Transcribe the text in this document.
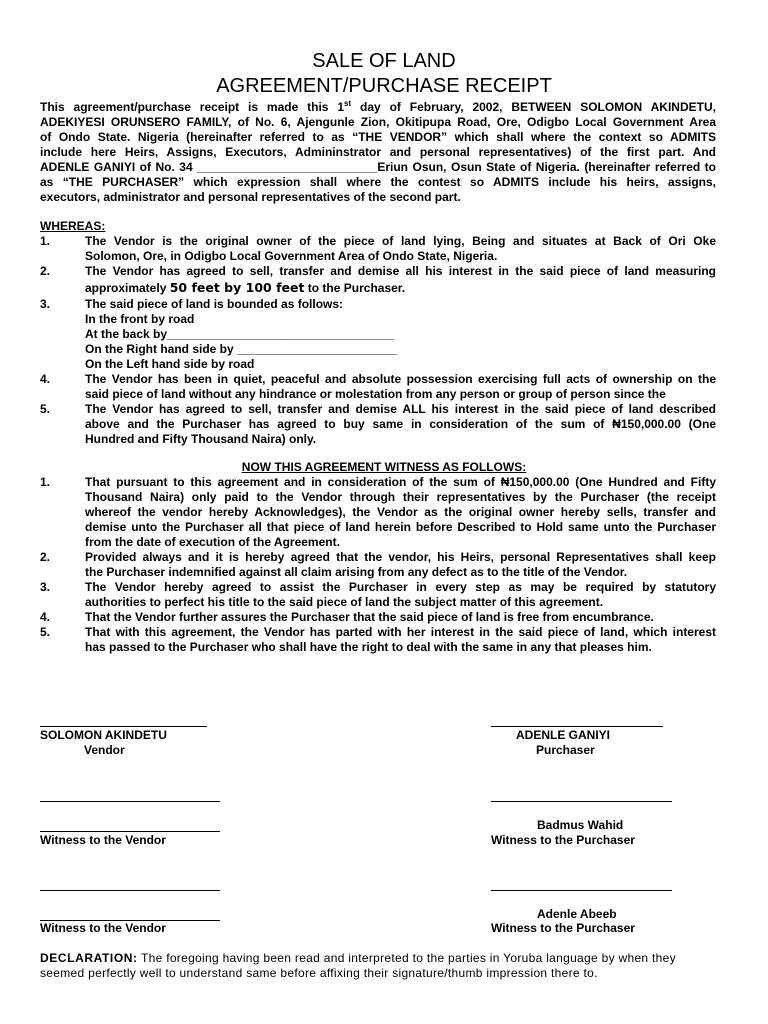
SALE OF LAND
AGREEMENT/PURCHASE RECEIPT
This agreement/purchase receipt is made this 1st day of February, 2002, BETWEEN SOLOMON AKINDETU,
ADEKIYESI ORUNSERO FAMILY, of No. 6, Ajengunle Zion, Okitipupa Road, Ore, Odigbo Local Government Area
of Ondo State. Nigeria (hereinafter referred to as “THE VENDOR” which shall where the context so ADMITS
include here Heirs, Assigns, Executors, Admininstrator and personal representatives) of the first part. And
ADENLE GANIYI of No. 34 ___________________________Eriun Osun, Osun State of Nigeria. (hereinafter referred to
as “THE PURCHASER” which expression shall where the contest so ADMITS include his heirs, assigns,
executors, administrator and personal representatives of the second part.
WHEREAS:
1.	The Vendor is the original owner of the piece of land lying, Being and situates at Back of Ori Oke
Solomon, Ore, in Odigbo Local Government Area of Ondo State, Nigeria.
2.	The Vendor has agreed to sell, transfer and demise all his interest in the said piece of land measuring
approximately 50 feet by 100 feet to the Purchaser.
3.	The said piece of land is bounded as follows:
In the front by road
At the back by__________________________________
On the Right hand side by ________________________
On the Left hand side by road
4.	The Vendor has been in quiet, peaceful and absolute possession exercising full acts of ownership on the
said piece of land without any hindrance or molestation from any person or group of person since the
5.	The Vendor has agreed to sell, transfer and demise ALL his interest in the said piece of land described
above and the Purchaser has agreed to buy same in consideration of the sum of ₦150,000.00 (One
Hundred and Fifty Thousand Naira) only.
NOW THIS AGREEMENT WITNESS AS FOLLOWS:
1.	That pursuant to this agreement and in consideration of the sum of ₦150,000.00 (One Hundred and Fifty
Thousand Naira) only paid to the Vendor through their representatives by the Purchaser (the receipt
whereof the vendor hereby Acknowledges), the Vendor as the original owner hereby sells, transfer and
demise unto the Purchaser all that piece of land herein before Described to Hold same unto the Purchaser
from the date of execution of the Agreement.
2.	Provided always and it is hereby agreed that the vendor, his Heirs, personal Representatives shall keep
the Purchaser indemnified against all claim arising from any defect as to the title of the Vendor.
3.	The Vendor hereby agreed to assist the Purchaser in every step as may be required by statutory
authorities to perfect his title to the said piece of land the subject matter of this agreement.
4.	That the Vendor further assures the Purchaser that the said piece of land is free from encumbrance.
5.	That with this agreement, the Vendor has parted with her interest in the said piece of land, which interest
has passed to the Purchaser who shall have the right to deal with the same in any that pleases him.
SOLOMON AKINDETU
Vendor
ADENLE GANIYI
Purchaser
Badmus Wahid
Witness to the Vendor	Witness to the Purchaser
Adenle Abeeb
Witness to the Vendor	Witness to the Purchaser
DECLARATION: The foregoing having been read and interpreted to the parties in Yoruba language by when they seemed perfectly well to understand same before affixing their signature/thumb impression there to.
